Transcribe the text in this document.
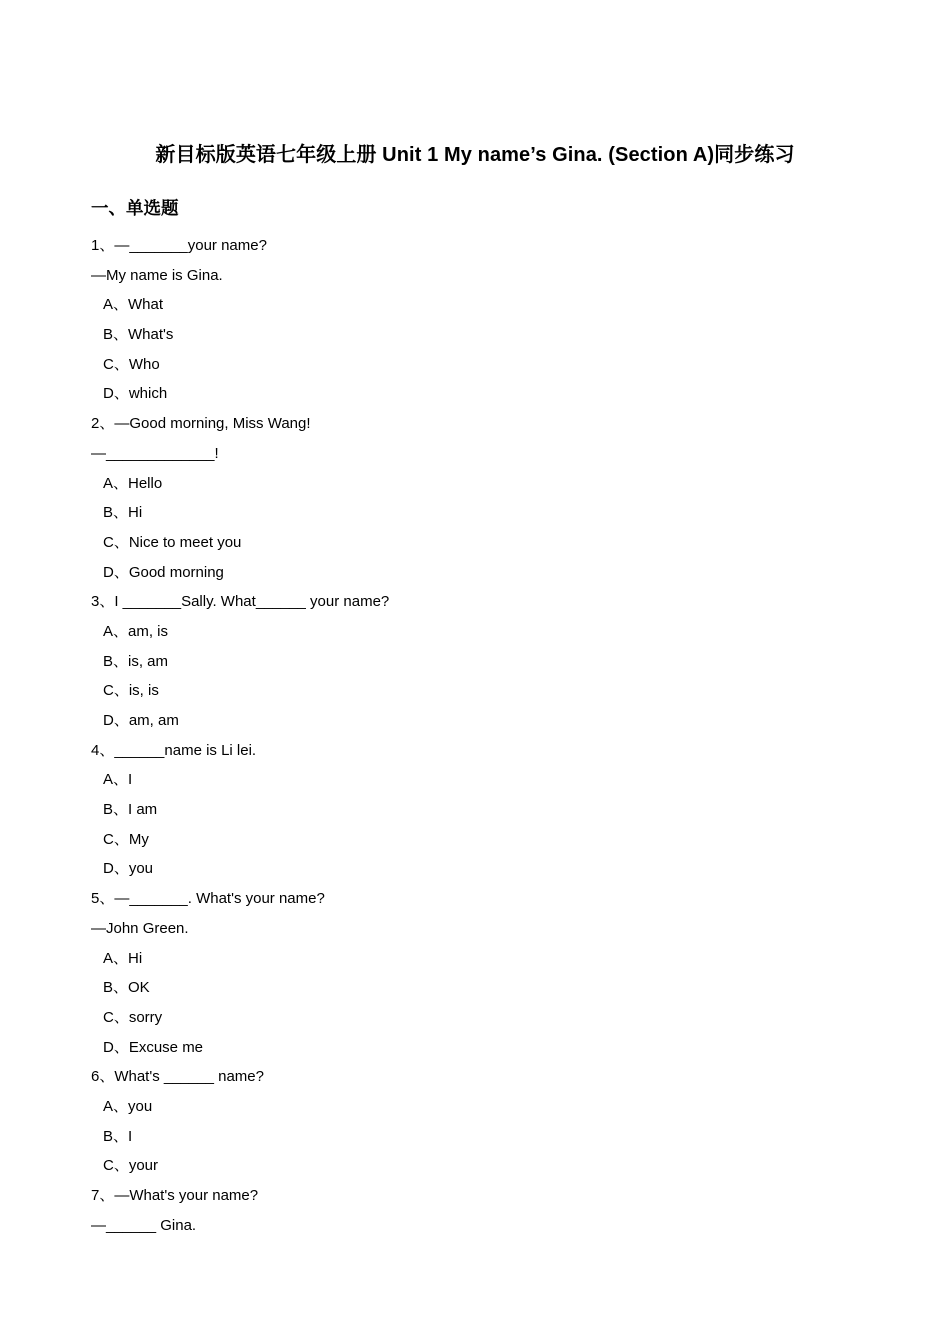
新目标版英语七年级上册 Unit 1 My name’s Gina. (Section A)同步练习
一、单选题
1、—_______your name?
—My name is Gina.
A、What
B、What's
C、Who
D、which
2、—Good morning, Miss Wang!
—_____________!
A、Hello
B、Hi
C、Nice to meet you
D、Good morning
3、I _______Sally. What______ your name?
A、am, is
B、is, am
C、is, is
D、am, am
4、______name is Li lei.
A、I
B、I am
C、My
D、you
5、—_______. What's your name?
—John Green.
A、Hi
B、OK
C、sorry
D、Excuse me
6、What's ______ name?
A、you
B、I
C、your
7、—What's your name?
—______ Gina.
